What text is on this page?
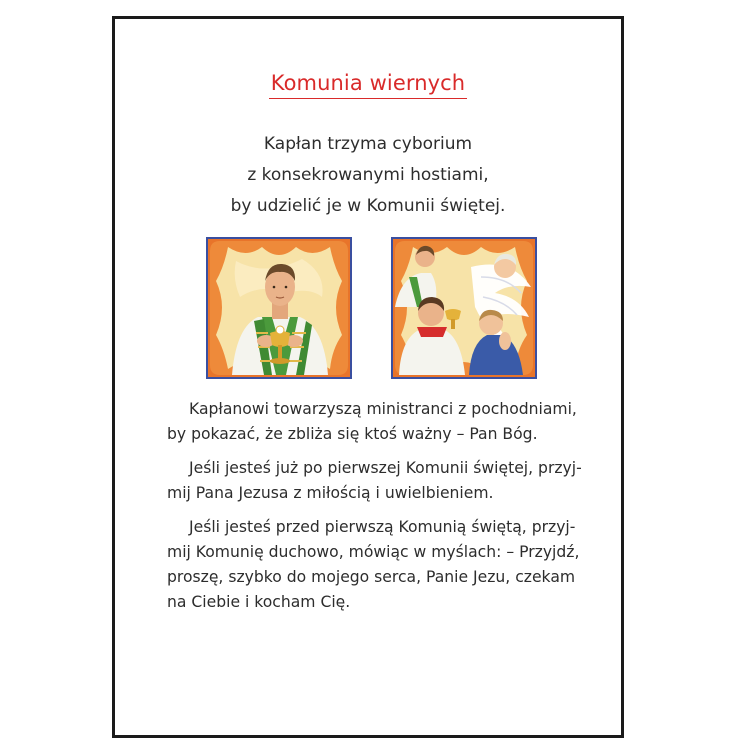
Komunia wiernych
Kapłan trzyma cyborium
z konsekrowanymi hostiami,
by udzielić je w Komunii świętej.
Kapłanowi towarzyszą ministranci z pochodniami,
by pokazać, że zbliża się ktoś ważny – Pan Bóg.
Jeśli jesteś już po pierwszej Komunii świętej, przyj-
mij Pana Jezusa z miłością i uwielbieniem.
Jeśli jesteś przed pierwszą Komunią świętą, przyj-
mij Komunię duchowo, mówiąc w myślach: – Przyjdź,
proszę, szybko do mojego serca, Panie Jezu, czekam
na Ciebie i kocham Cię.
